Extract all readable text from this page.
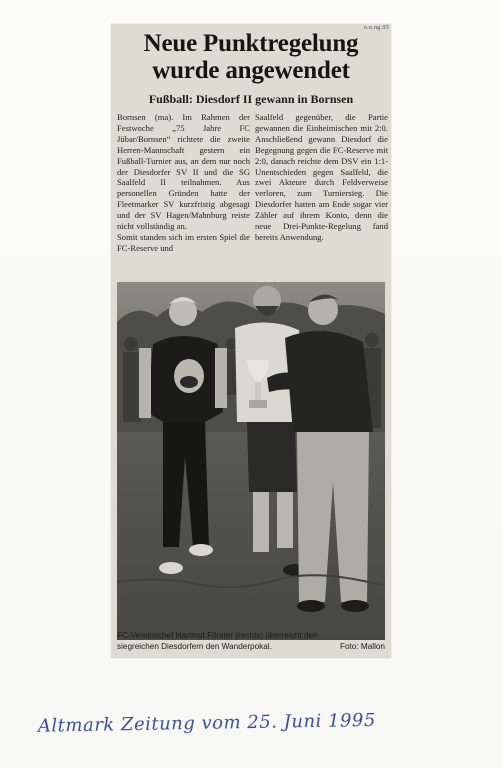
o.u.ng.95
Neue Punktregelung
wurde angewendet
Fußball: Diesdorf II gewann in Bornsen
Bornsen (ma). Im Rahmen der Festwoche „75 Jahre FC Jübar/Bornsen“ richtete die zweite Herren-Mannschaft gestern ein Fußball-Turnier aus, an dem nur noch der Diesdorfer SV II und die SG Saalfeld II teilnahmen. Aus personellen Gründen hatte der Fleetmarker SV kurzfristig abgesagt und der SV Hagen/Mahnburg reiste nicht vollständig an.
Somit standen sich im ersten Spiel die FC-Reserve und
Saalfeld gegenüber, die Partie gewannen die Einheimischen mit 2:0. Anschließend gewann Diesdorf die Begegnung gegen die FC-Reserve mit 2:0, danach reichte dem DSV ein 1:1-Unentschieden gegen Saalfeld, die zwei Akteure durch Feldverweise verloren, zum Turniersieg. Die Diesdorfer hatten am Ende sogar vier Zähler auf ihrem Konto, denn die neue Drei-Punkte-Regelung fand bereits Anwendung.
FC-Vereinschef Hartmut Förster (rechts) überreicht den
siegreichen Diesdorfern den Wanderpokal.	Foto: Mallon
Altmark Zeitung vom 25. Juni 1995
